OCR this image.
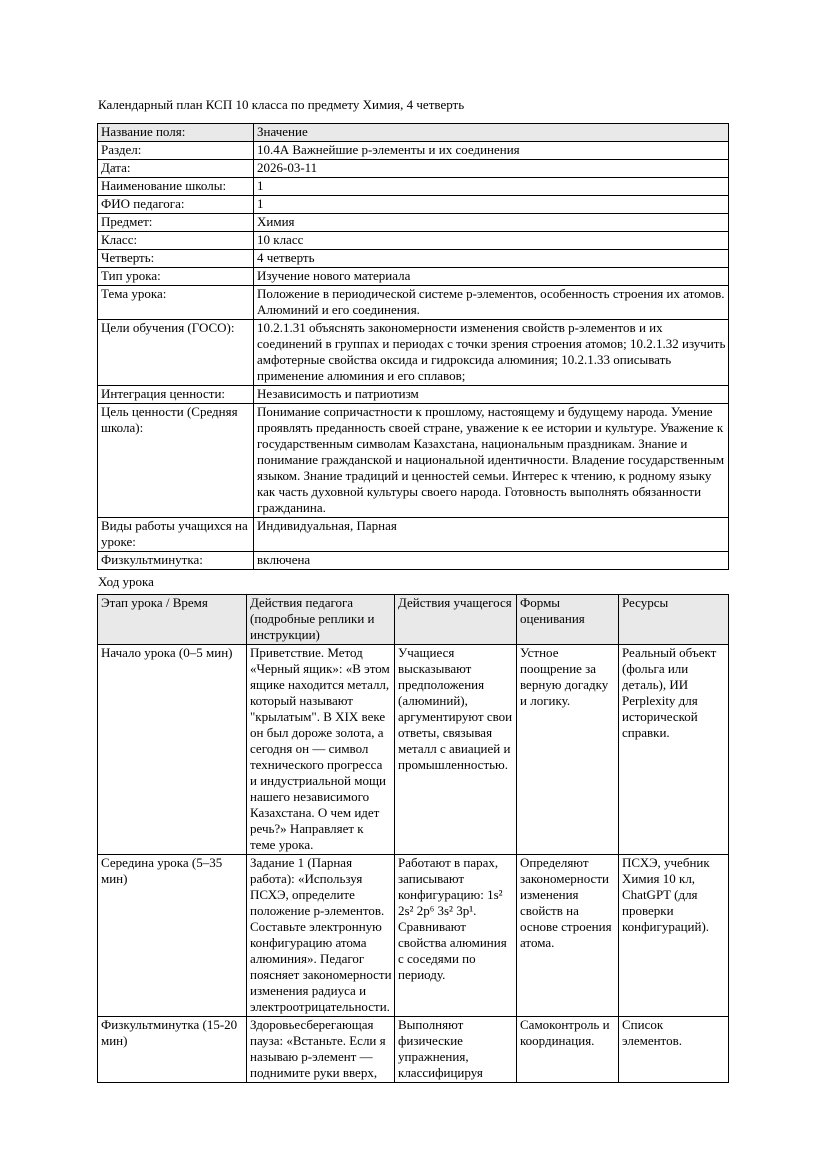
Календарный план КСП 10 класса по предмету Химия, 4 четверть
Название поля:	Значение
Раздел:	10.4А Важнейшие p-элементы и их соединения
Дата:	2026-03-11
Наименование школы:	1
ФИО педагога:	1
Предмет:	Химия
Класс:	10 класс
Четверть:	4 четверть
Тип урока:	Изучение нового материала
Тема урока:	Положение в периодической системе p-элементов, особенность строения их атомов. Алюминий и его соединения.
Цели обучения (ГОСО):	10.2.1.31 объяснять закономерности изменения свойств p-элементов и их соединений в группах и периодах с точки зрения строения атомов; 10.2.1.32 изучить амфотерные свойства оксида и гидроксида алюминия; 10.2.1.33 описывать применение алюминия и его сплавов;
Интеграция ценности:	Независимость и патриотизм
Цель ценности (Средняя школа):	Понимание сопричастности к прошлому, настоящему и будущему народа. Умение проявлять преданность своей стране, уважение к ее истории и культуре. Уважение к государственным символам Казахстана, национальным праздникам. Знание и понимание гражданской и национальной идентичности. Владение государственным языком. Знание традиций и ценностей семьи. Интерес к чтению, к родному языку как часть духовной культуры своего народа. Готовность выполнять обязанности гражданина.
Виды работы учащихся на уроке:	Индивидуальная, Парная
Физкультминутка:	включена
Ход урока
Этап урока / Время	Действия педагога (подробные реплики и инструкции)	Действия учащегося	Формы оценивания	Ресурсы
Начало урока (0–5 мин)	Приветствие. Метод «Черный ящик»: «В этом ящике находится металл, который называют "крылатым". В XIX веке он был дороже золота, а сегодня он — символ технического прогресса и индустриальной мощи нашего независимого Казахстана. О чем идет речь?» Направляет к теме урока.	Учащиеся высказывают предположения (алюминий), аргументируют свои ответы, связывая металл с авиацией и промышленностью.	Устное поощрение за верную догадку и логику.	Реальный объект (фольга или деталь), ИИ Perplexity для исторической справки.
Середина урока (5–35 мин)	Задание 1 (Парная работа): «Используя ПСХЭ, определите положение p-элементов. Составьте электронную конфигурацию атома алюминия». Педагог поясняет закономерности изменения радиуса и электроотрицательности.	Работают в парах, записывают конфигурацию: 1s² 2s² 2p⁶ 3s² 3p¹. Сравнивают свойства алюминия с соседями по периоду.	Определяют закономерности изменения свойств на основе строения атома.	ПСХЭ, учебник Химия 10 кл, ChatGPT (для проверки конфигураций).
Физкультминутка (15-20 мин)	Здоровьесберегающая пауза: «Встаньте. Если я называю p-элемент — поднимите руки вверх,	Выполняют физические упражнения, классифицируя	Самоконтроль и координация.	Список элементов.
